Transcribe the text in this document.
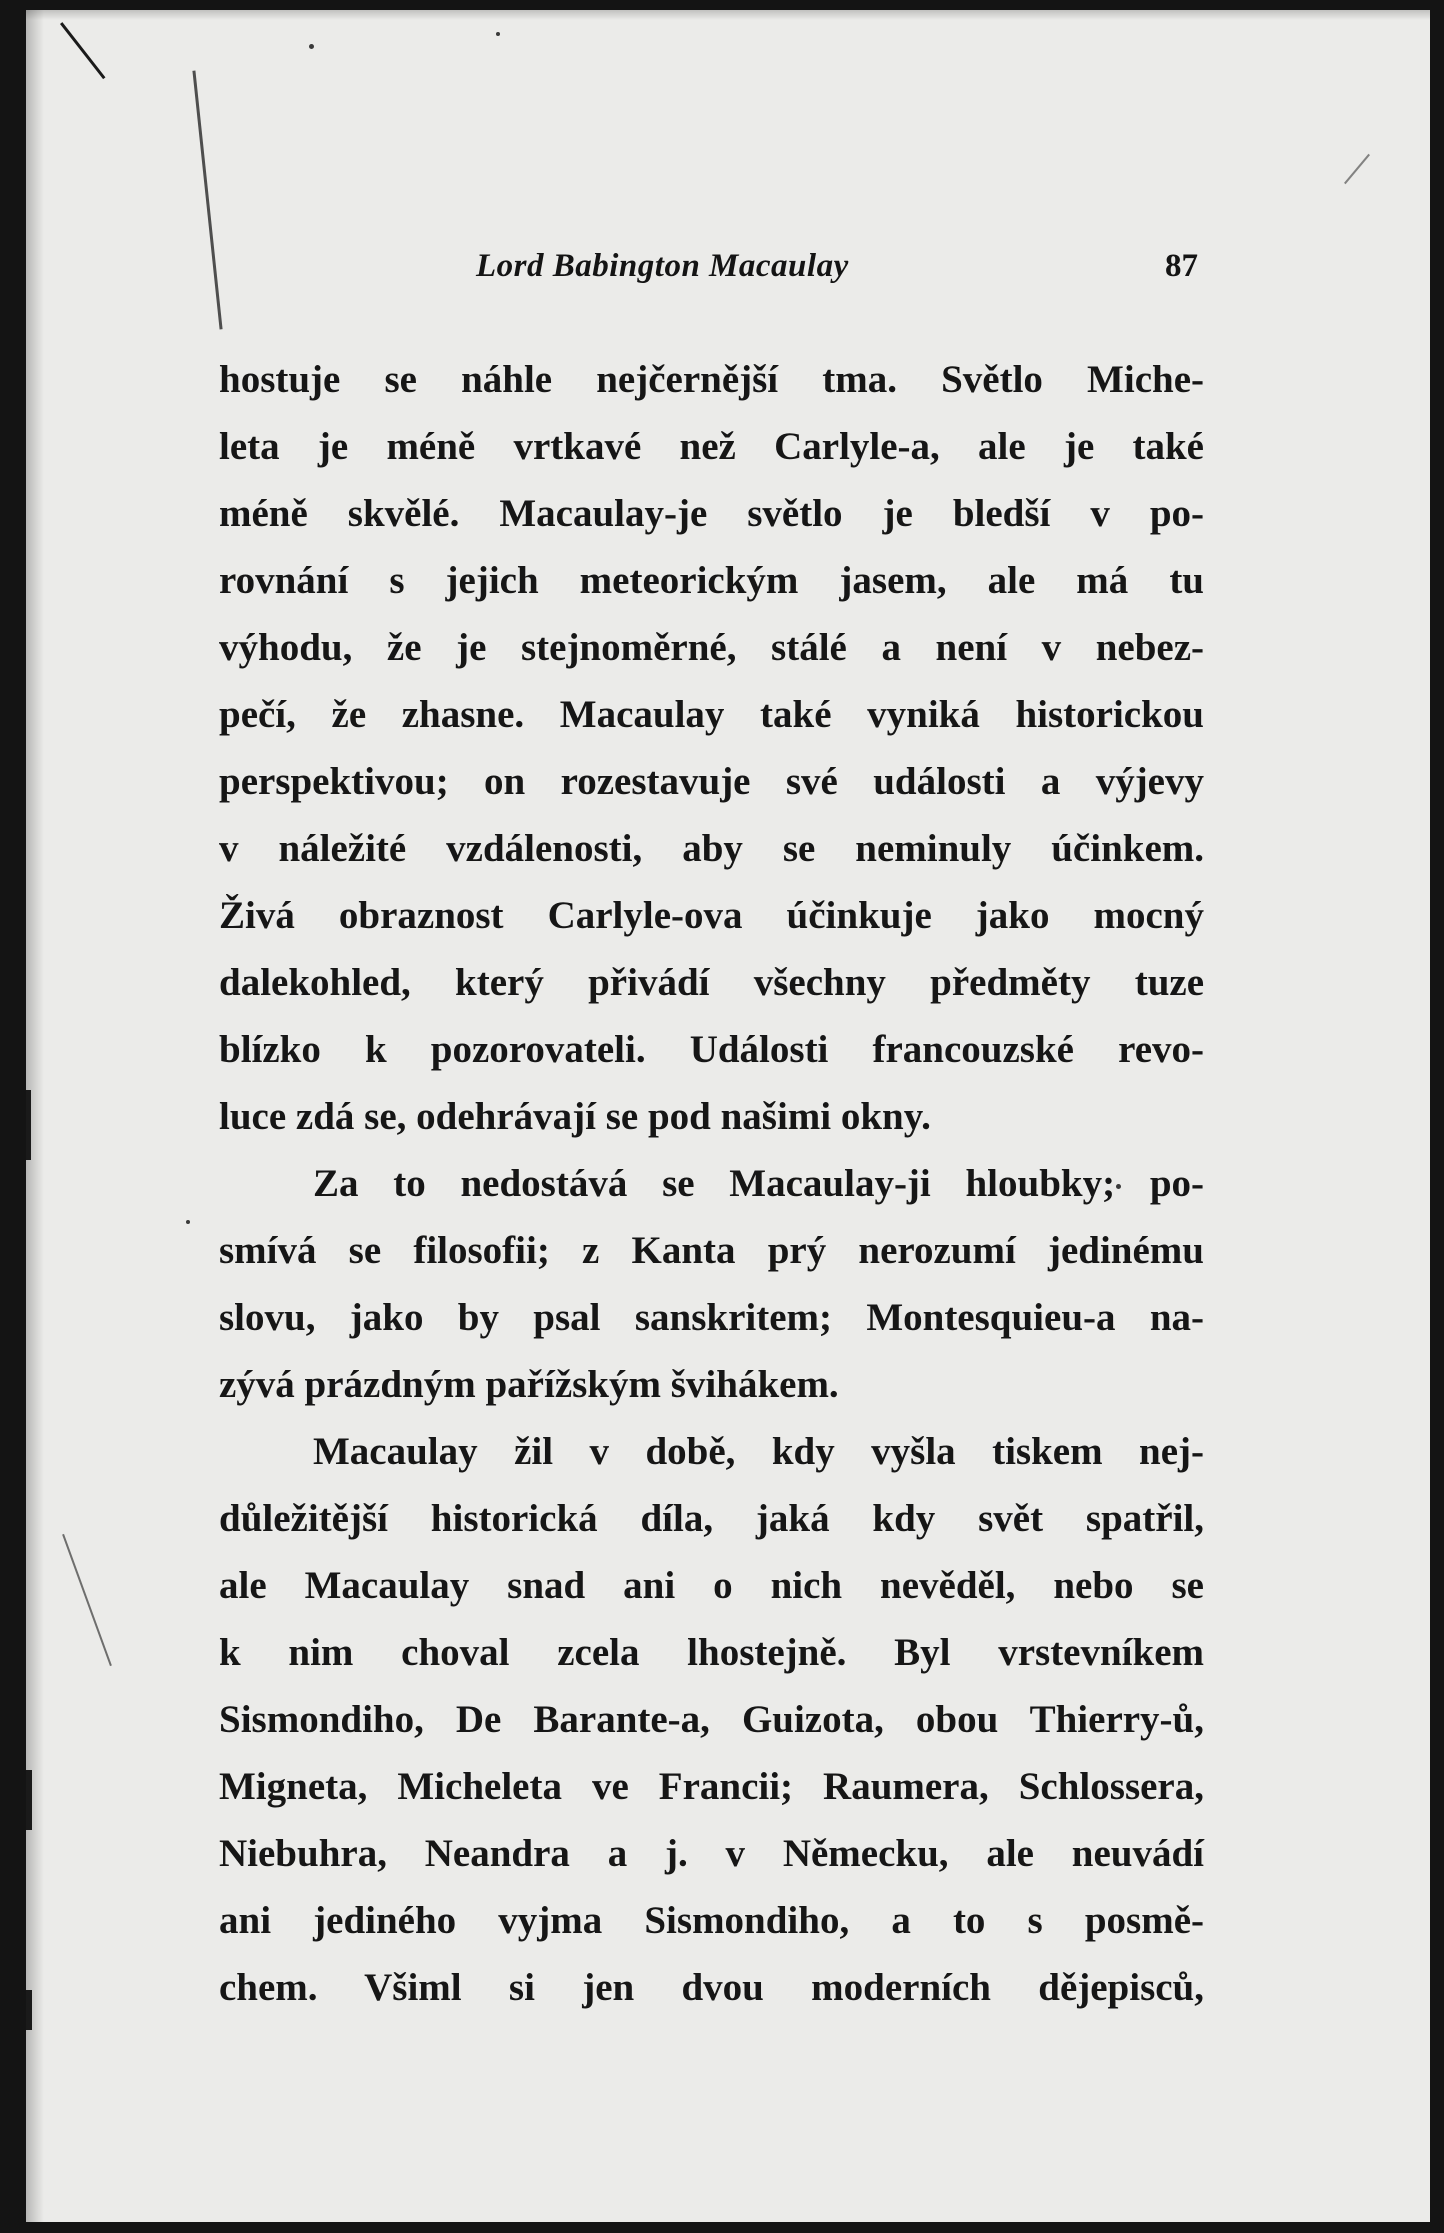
Lord Babington Macaulay	87
hostuje se náhle nejčernější tma. Světlo Miche-
leta je méně vrtkavé než Carlyle-a, ale je také
méně skvělé. Macaulay-je světlo je bledší v po-
rovnání s jejich meteorickým jasem, ale má tu
výhodu, že je stejnoměrné, stálé a není v nebez-
pečí, že zhasne. Macaulay také vyniká historickou
perspektivou; on rozestavuje své události a výjevy
v náležité vzdálenosti, aby se neminuly účinkem.
Živá obraznost Carlyle-ova účinkuje jako mocný
dalekohled, který přivádí všechny předměty tuze
blízko k pozorovateli. Události francouzské revo-
luce zdá se, odehrávají se pod našimi okny.
Za to nedostává se Macaulay-ji hloubky; po-
smívá se filosofii; z Kanta prý nerozumí jedinému
slovu, jako by psal sanskritem; Montesquieu-a na-
zývá prázdným pařížským švihákem.
Macaulay žil v době, kdy vyšla tiskem nej-
důležitější historická díla, jaká kdy svět spatřil,
ale Macaulay snad ani o nich nevěděl, nebo se
k nim choval zcela lhostejně. Byl vrstevníkem
Sismondiho, De Barante-a, Guizota, obou Thierry-ů,
Migneta, Micheleta ve Francii; Raumera, Schlossera,
Niebuhra, Neandra a j. v Německu, ale neuvádí
ani jediného vyjma Sismondiho, a to s posmě-
chem. Všiml si jen dvou moderních dějepisců,
